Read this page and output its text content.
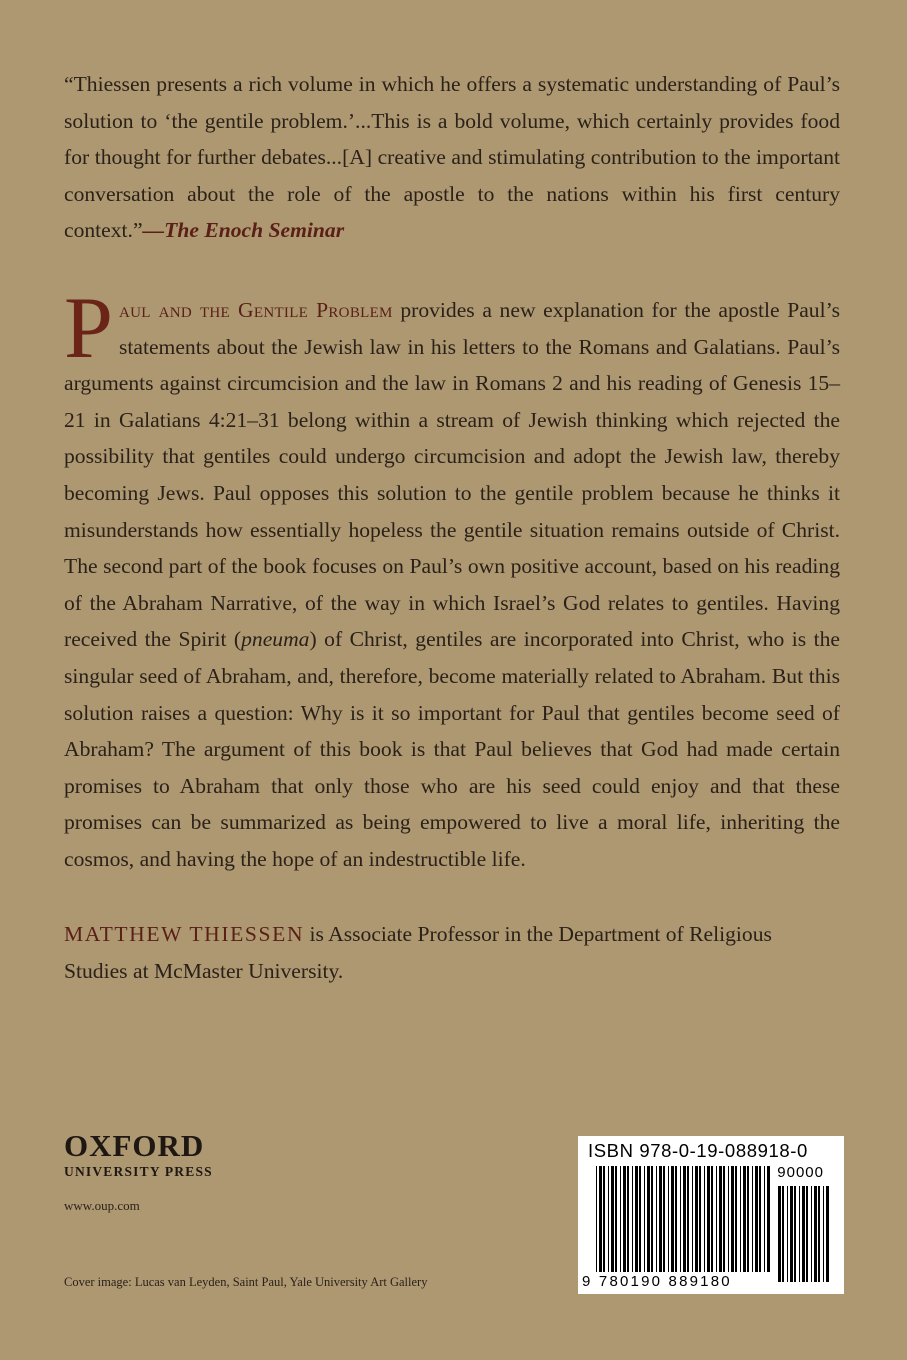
“Thiessen presents a rich volume in which he offers a systematic understanding of Paul’s solution to ‘the gentile problem.’...This is a bold volume, which certainly provides food for thought for further debates...[A] creative and stimulating contribution to the important conversation about the role of the apostle to the nations within his first century context.”—The Enoch Seminar
Paul and the Gentile Problem provides a new explanation for the apostle Paul’s statements about the Jewish law in his letters to the Romans and Galatians. Paul’s arguments against circumcision and the law in Romans 2 and his reading of Genesis 15–21 in Galatians 4:21–31 belong within a stream of Jewish thinking which rejected the possibility that gentiles could undergo circumcision and adopt the Jewish law, thereby becoming Jews. Paul opposes this solution to the gentile problem because he thinks it misunderstands how essentially hopeless the gentile situation remains outside of Christ. The second part of the book focuses on Paul’s own positive account, based on his reading of the Abraham Narrative, of the way in which Israel’s God relates to gentiles. Having received the Spirit (pneuma) of Christ, gentiles are incorporated into Christ, who is the singular seed of Abraham, and, therefore, become materially related to Abraham. But this solution raises a question: Why is it so important for Paul that gentiles become seed of Abraham? The argument of this book is that Paul believes that God had made certain promises to Abraham that only those who are his seed could enjoy and that these promises can be summarized as being empowered to live a moral life, inheriting the cosmos, and having the hope of an indestructible life.
MATTHEW THIESSEN is Associate Professor in the Department of Religious Studies at McMaster University.
OXFORD
UNIVERSITY PRESS
www.oup.com
Cover image: Lucas van Leyden, Saint Paul, Yale University Art Gallery
ISBN 978-0-19-088918-0
90000
9 780190 889180
